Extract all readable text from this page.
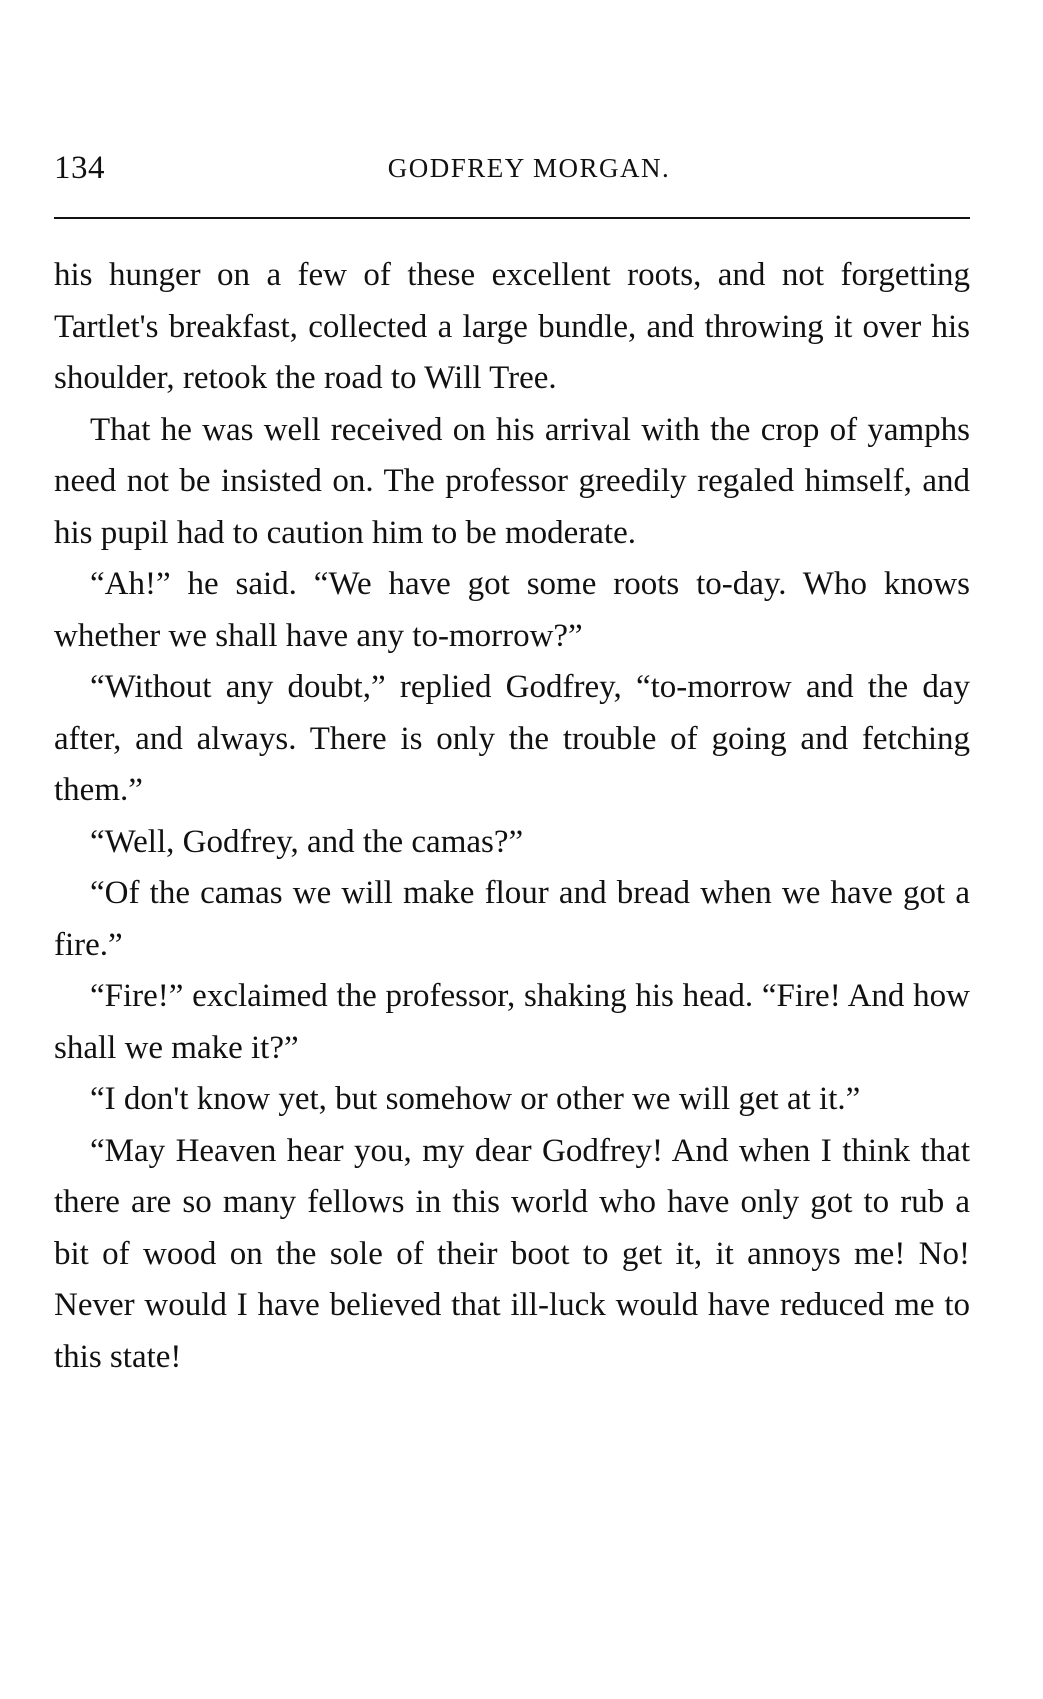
134	GODFREY MORGAN.

his hunger on a few of these excellent roots, and not forgetting Tartlet's breakfast, collected a large bundle, and throwing it over his shoulder, retook the road to Will Tree.

That he was well received on his arrival with the crop of yamphs need not be insisted on. The professor greedily regaled himself, and his pupil had to caution him to be moderate.

“Ah!” he said. “We have got some roots to-day. Who knows whether we shall have any to-morrow?”

“Without any doubt,” replied Godfrey, “to-morrow and the day after, and always. There is only the trouble of going and fetching them.”

“Well, Godfrey, and the camas?”

“Of the camas we will make flour and bread when we have got a fire.”

“Fire!” exclaimed the professor, shaking his head. “Fire! And how shall we make it?”

“I don't know yet, but somehow or other we will get at it.”

“May Heaven hear you, my dear Godfrey! And when I think that there are so many fellows in this world who have only got to rub a bit of wood on the sole of their boot to get it, it annoys me! No! Never would I have believed that ill-luck would have reduced me to this state!
